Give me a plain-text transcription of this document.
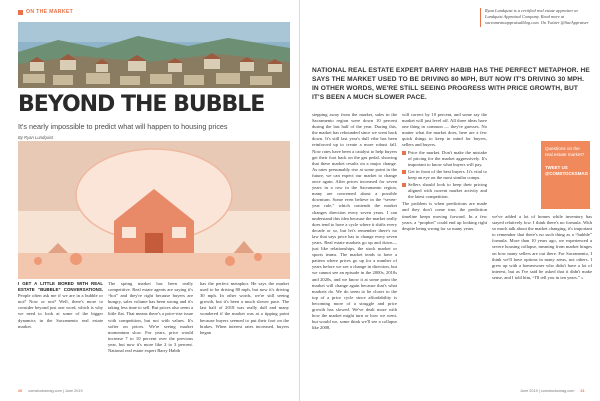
ON THE MARKET
BEYOND THE BUBBLE
It's nearly impossible to predict what will happen to housing prices
By Ryan Lundquist
I GET A LITTLE BORED WITH REAL ESTATE “BUBBLE” CONVERSATIONS. People often ask me if we are in a bubble or not? Now or not? Well, there's more to consider beyond just one word, which is why we need to look at some of the bigger dynamics in the Sacramento real estate market.
The spring market has been really competitive. Real estate agents are saying it's “hot” and they're right because buyers are hungry, sales volume has been strong and it's taking less time to sell. But prices also seem a little flat. That means there's a price-rise issue with competition, but not with values. It's softer on prices. We're seeing market momentum slow. For years, price would increase 7 to 10 percent over the previous year, but now it's more like 2 to 3 percent. National real estate expert Barry Habib
has the perfect metaphor. He says the market used to be driving 80 mph, but now it's driving 30 mph. In other words, we're still seeing growth, but it's been a much slower pace. The last half of 2018 was really dull and many wondered if the market was at a tipping point because buyers seemed to put their foot on the brakes. When interest rates increased, buyers began
20 comstocksmag.com | June 2019
Ryan Lundquist is a certified real estate appraiser at Lundquist Appraisal Company. Read more at sacramentoappraisalblog.com. On Twitter @SacAppraiser
NATIONAL REAL ESTATE EXPERT BARRY HABIB HAS THE PERFECT METAPHOR. HE SAYS THE MARKET USED TO BE DRIVING 80 MPH, BUT NOW IT'S DRIVING 30 MPH. IN OTHER WORDS, WE'RE STILL SEEING PROGRESS WITH PRICE GROWTH, BUT IT'S BEEN A MUCH SLOWER PACE.
stepping away from the market, sales in the Sacramento region were down 10 percent during the last half of the year. During this, the market has rebounded since we went back down. It's still last year's dull vibe has been reinforced up to create a more robust fall. Now rates have been a catalyst to help buyers get their foot back on the gas pedal, showing that these market results on a major change. As rates presumably rise at some point in the future, we can expect our market to change once again. After prices increased for seven years in a row in the Sacramento region, many are concerned about a possible downturn. Some even believe in the “seven-year rule,” which contends the market changes direction every seven years. I can understand this idea because the market really does tend to have a cycle where it shifts every decade or so, but let's remember there's no law that says price has to change every seven years. Real estate markets go up and down—just like relationships, the stock market or sports teams. The market tends to have a pattern where prices go up for a number of years before we see a change in direction, but we cannot see an episode in the 2000s, 2010s and 2020s, and we know it at some point the market will change again because that's what markets do. We do seem to be closer to the top of a price cycle since affordability is becoming more of a struggle and price growth has slowed. We've dealt more with how the market might turn or how we went, but would we, some think we'll see a collapse like 2008,
will correct by 10 percent, and some say the market will just level off. All three ideas have one thing in common — they're guesses. No matter what the market does, here are a few quick things to keep in mind for buyers, sellers and buyers.
Price the market. Don't make the mistake of pricing for the market aggressively. It's important to know what buyers will pay.
Get in front of the best buyers. It's vital to keep an eye on the most similar comps.
Sellers should look to keep their pricing aligned with current market activity and the latest competition.
The problem is when predictions are made and they don't come true, the prediction timeline keeps moving forward. In a few years, a “prophet” could end up looking right despite being wrong for so many years.
we've added a lot of homes while inventory has stayed relatively low. I think there's no formula. With so much talk about the market changing, it's important to remember that there's no such thing as a “bubble” formula. More than 10 years ago, we experienced a severe housing collapse, meaning from market hinges on how many sellers are out there. For Sacramento, I think we'll have options in many areas, not others. I grew up with a homeowner who didn't have a lot of interest, but as I've said he asked that it didn't make sense, and I told him, “I'll tell you in ten years.” »
Questions on the real estate market?
TWEET US @COMSTOCKSMAG
June 2019 | comstocksmag.com 21
